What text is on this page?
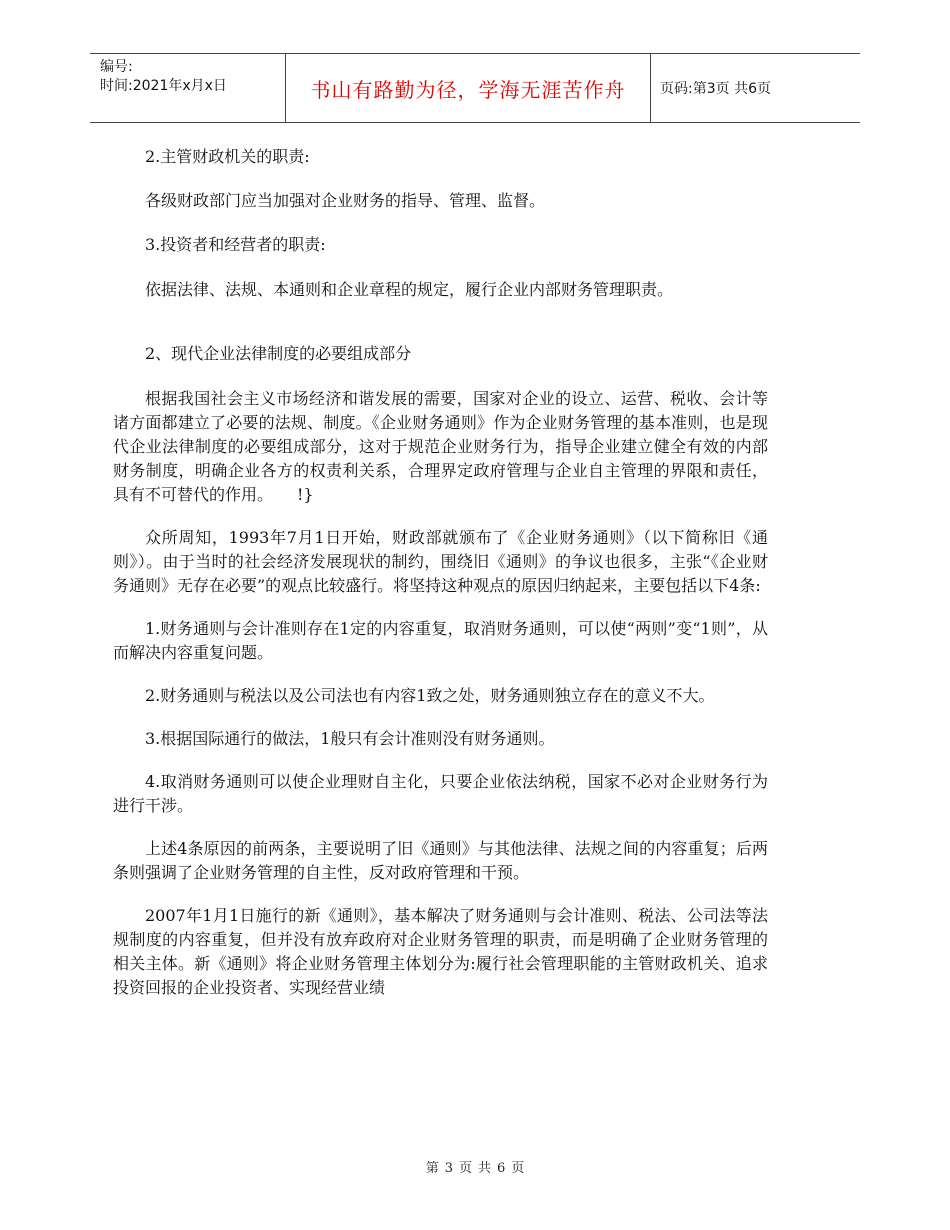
编号:
时间:2021年x月x日	书山有路勤为径，学海无涯苦作舟	页码:第3页 共6页

2.主管财政机关的职责:

各级财政部门应当加强对企业财务的指导、管理、监督。

3.投资者和经营者的职责:

依据法律、法规、本通则和企业章程的规定，履行企业内部财务管理职责。

2、现代企业法律制度的必要组成部分

根据我国社会主义市场经济和谐发展的需要，国家对企业的设立、运营、税收、会计等诸方面都建立了必要的法规、制度。《企业财务通则》作为企业财务管理的基本准则，也是现代企业法律制度的必要组成部分，这对于规范企业财务行为，指导企业建立健全有效的内部财务制度，明确企业各方的权责利关系，合理界定政府管理与企业自主管理的界限和责任，具有不可替代的作用。　　!}

众所周知，1993年7月1日开始，财政部就颁布了《企业财务通则》（以下简称旧《通则》）。由于当时的社会经济发展现状的制约，围绕旧《通则》的争议也很多，主张“《企业财务通则》无存在必要”的观点比较盛行。将坚持这种观点的原因归纳起来，主要包括以下4条:

1.财务通则与会计准则存在1定的内容重复，取消财务通则，可以使“两则”变“1则”，从而解决内容重复问题。

2.财务通则与税法以及公司法也有内容1致之处，财务通则独立存在的意义不大。

3.根据国际通行的做法，1般只有会计准则没有财务通则。

4.取消财务通则可以使企业理财自主化，只要企业依法纳税，国家不必对企业财务行为进行干涉。

上述4条原因的前两条，主要说明了旧《通则》与其他法律、法规之间的内容重复；后两条则强调了企业财务管理的自主性，反对政府管理和干预。

2007年1月1日施行的新《通则》，基本解决了财务通则与会计准则、税法、公司法等法规制度的内容重复，但并没有放弃政府对企业财务管理的职责，而是明确了企业财务管理的相关主体。新《通则》将企业财务管理主体划分为:履行社会管理职能的主管财政机关、追求投资回报的企业投资者、实现经营业绩

第 3 页 共 6 页
